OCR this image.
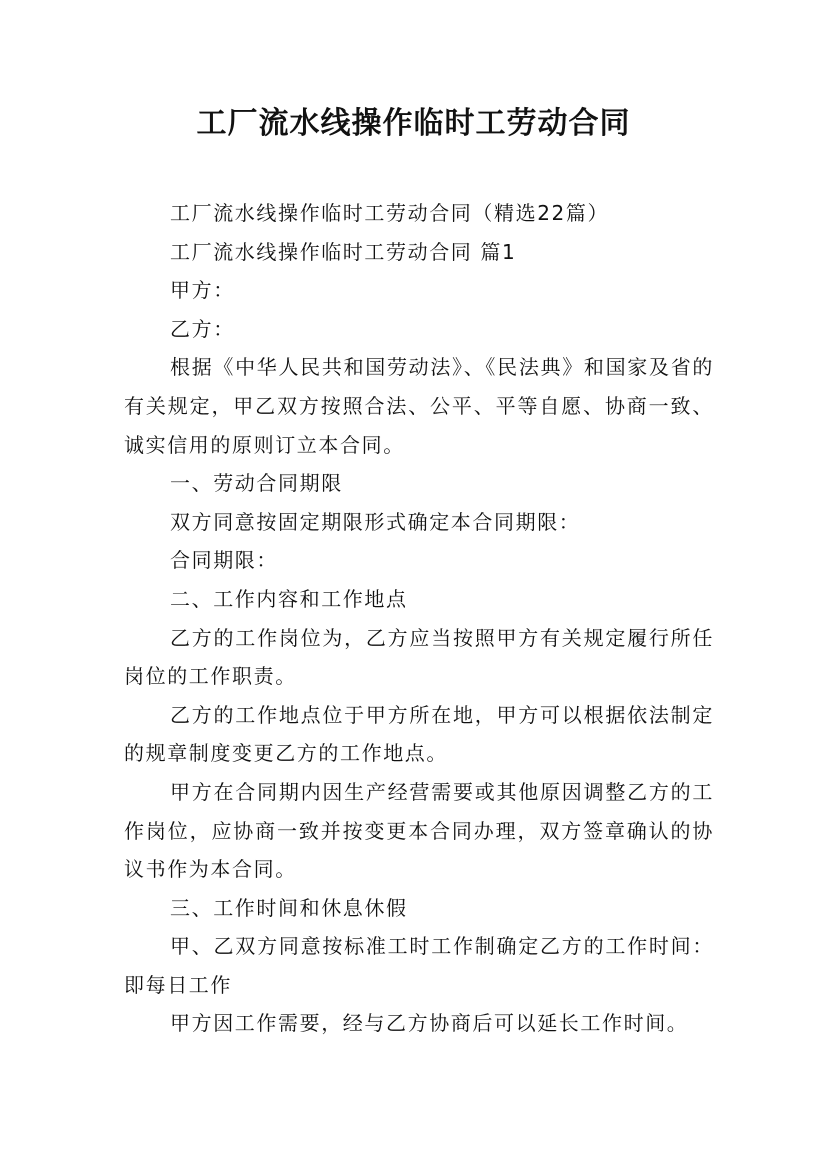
工厂流水线操作临时工劳动合同

工厂流水线操作临时工劳动合同（精选22篇）

工厂流水线操作临时工劳动合同 篇1

甲方：

乙方：

根据《中华人民共和国劳动法》、《民法典》和国家及省的有关规定，甲乙双方按照合法、公平、平等自愿、协商一致、诚实信用的原则订立本合同。

一、劳动合同期限

双方同意按固定期限形式确定本合同期限：

合同期限：

二、工作内容和工作地点

乙方的工作岗位为，乙方应当按照甲方有关规定履行所任岗位的工作职责。

乙方的工作地点位于甲方所在地，甲方可以根据依法制定的规章制度变更乙方的工作地点。

甲方在合同期内因生产经营需要或其他原因调整乙方的工作岗位，应协商一致并按变更本合同办理，双方签章确认的协议书作为本合同。

三、工作时间和休息休假

甲、乙双方同意按标准工时工作制确定乙方的工作时间：即每日工作

甲方因工作需要，经与乙方协商后可以延长工作时间。
